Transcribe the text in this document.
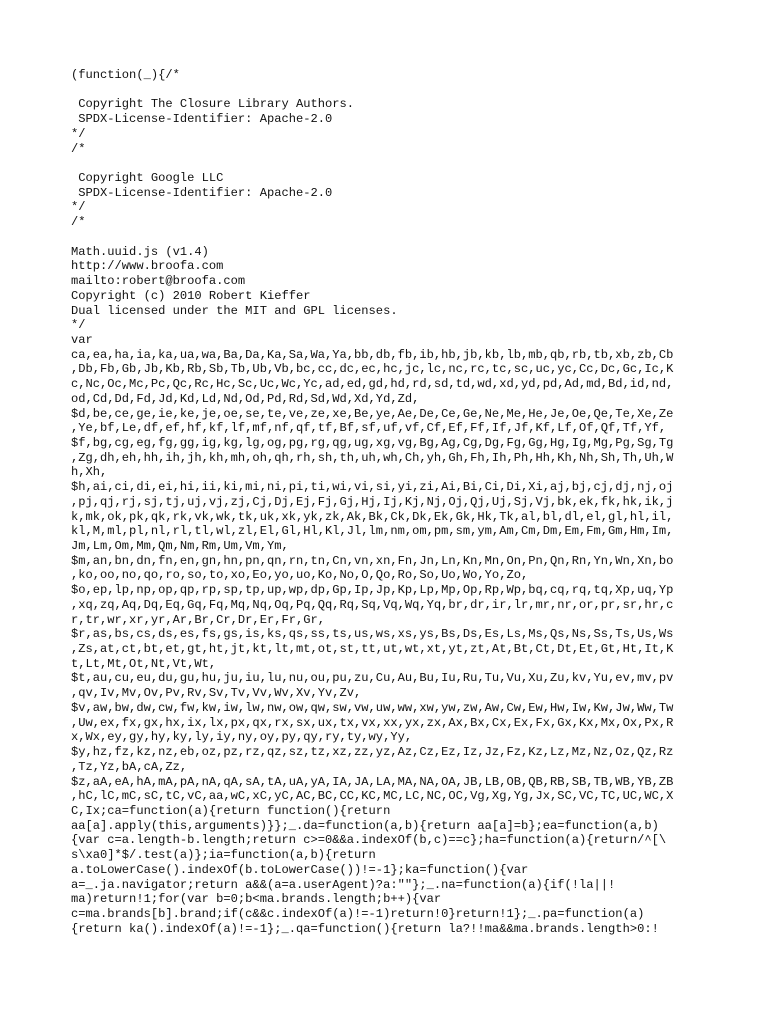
(function(_){/*

Copyright The Closure Library Authors.
SPDX-License-Identifier: Apache-2.0
*/
/*

Copyright Google LLC
SPDX-License-Identifier: Apache-2.0
*/
/*

Math.uuid.js (v1.4)
http://www.broofa.com
mailto:robert@broofa.com
Copyright (c) 2010 Robert Kieffer
Dual licensed under the MIT and GPL licenses.
*/
var
ca,ea,ha,ia,ka,ua,wa,Ba,Da,Ka,Sa,Wa,Ya,bb,db,fb,ib,hb,jb,kb,lb,mb,qb,rb,tb,xb,zb,Cb
,Db,Fb,Gb,Jb,Kb,Rb,Sb,Tb,Ub,Vb,bc,cc,dc,ec,hc,jc,lc,nc,rc,tc,sc,uc,yc,Cc,Dc,Gc,Ic,K
c,Nc,Oc,Mc,Pc,Qc,Rc,Hc,Sc,Uc,Wc,Yc,ad,ed,gd,hd,rd,sd,td,wd,xd,yd,pd,Ad,md,Bd,id,nd,
od,Cd,Dd,Fd,Jd,Kd,Ld,Nd,Od,Pd,Rd,Sd,Wd,Xd,Yd,Zd,
$d,be,ce,ge,ie,ke,je,oe,se,te,ve,ze,xe,Be,ye,Ae,De,Ce,Ge,Ne,Me,He,Je,Oe,Qe,Te,Xe,Ze
,Ye,bf,Le,df,ef,hf,kf,lf,mf,nf,qf,tf,Bf,sf,uf,vf,Cf,Ef,Ff,If,Jf,Kf,Lf,Of,Qf,Tf,Yf,
$f,bg,cg,eg,fg,gg,ig,kg,lg,og,pg,rg,qg,ug,xg,vg,Bg,Ag,Cg,Dg,Fg,Gg,Hg,Ig,Mg,Pg,Sg,Tg
,Zg,dh,eh,hh,ih,jh,kh,mh,oh,qh,rh,sh,th,uh,wh,Ch,yh,Gh,Fh,Ih,Ph,Hh,Kh,Nh,Sh,Th,Uh,W
h,Xh,
$h,ai,ci,di,ei,hi,ii,ki,mi,ni,pi,ti,wi,vi,si,yi,zi,Ai,Bi,Ci,Di,Xi,aj,bj,cj,dj,nj,oj
,pj,qj,rj,sj,tj,uj,vj,zj,Cj,Dj,Ej,Fj,Gj,Hj,Ij,Kj,Nj,Oj,Qj,Uj,Sj,Vj,bk,ek,fk,hk,ik,j
k,mk,ok,pk,qk,rk,vk,wk,tk,uk,xk,yk,zk,Ak,Bk,Ck,Dk,Ek,Gk,Hk,Tk,al,bl,dl,el,gl,hl,il,
kl,M,ml,pl,nl,rl,tl,wl,zl,El,Gl,Hl,Kl,Jl,lm,nm,om,pm,sm,ym,Am,Cm,Dm,Em,Fm,Gm,Hm,Im,
Jm,Lm,Om,Mm,Qm,Nm,Rm,Um,Vm,Ym,
$m,an,bn,dn,fn,en,gn,hn,pn,qn,rn,tn,Cn,vn,xn,Fn,Jn,Ln,Kn,Mn,On,Pn,Qn,Rn,Yn,Wn,Xn,bo
,ko,oo,no,qo,ro,so,to,xo,Eo,yo,uo,Ko,No,O,Qo,Ro,So,Uo,Wo,Yo,Zo,
$o,ep,lp,np,op,qp,rp,sp,tp,up,wp,dp,Gp,Ip,Jp,Kp,Lp,Mp,Op,Rp,Wp,bq,cq,rq,tq,Xp,uq,Yp
,xq,zq,Aq,Dq,Eq,Gq,Fq,Mq,Nq,Oq,Pq,Qq,Rq,Sq,Vq,Wq,Yq,br,dr,ir,lr,mr,nr,or,pr,sr,hr,c
r,tr,wr,xr,yr,Ar,Br,Cr,Dr,Er,Fr,Gr,
$r,as,bs,cs,ds,es,fs,gs,is,ks,qs,ss,ts,us,ws,xs,ys,Bs,Ds,Es,Ls,Ms,Qs,Ns,Ss,Ts,Us,Ws
,Zs,at,ct,bt,et,gt,ht,jt,kt,lt,mt,ot,st,tt,ut,wt,xt,yt,zt,At,Bt,Ct,Dt,Et,Gt,Ht,It,K
t,Lt,Mt,Ot,Nt,Vt,Wt,
$t,au,cu,eu,du,gu,hu,ju,iu,lu,nu,ou,pu,zu,Cu,Au,Bu,Iu,Ru,Tu,Vu,Xu,Zu,kv,Yu,ev,mv,pv
,qv,Iv,Mv,Ov,Pv,Rv,Sv,Tv,Vv,Wv,Xv,Yv,Zv,
$v,aw,bw,dw,cw,fw,kw,iw,lw,nw,ow,qw,sw,vw,uw,ww,xw,yw,zw,Aw,Cw,Ew,Hw,Iw,Kw,Jw,Ww,Tw
,Uw,ex,fx,gx,hx,ix,lx,px,qx,rx,sx,ux,tx,vx,xx,yx,zx,Ax,Bx,Cx,Ex,Fx,Gx,Kx,Mx,Ox,Px,R
x,Wx,ey,gy,hy,ky,ly,iy,ny,oy,py,qy,ry,ty,wy,Yy,
$y,hz,fz,kz,nz,eb,oz,pz,rz,qz,sz,tz,xz,zz,yz,Az,Cz,Ez,Iz,Jz,Fz,Kz,Lz,Mz,Nz,Oz,Qz,Rz
,Tz,Yz,bA,cA,Zz,
$z,aA,eA,hA,mA,pA,nA,qA,sA,tA,uA,yA,IA,JA,LA,MA,NA,OA,JB,LB,OB,QB,RB,SB,TB,WB,YB,ZB
,hC,lC,mC,sC,tC,vC,aa,wC,xC,yC,AC,BC,CC,KC,MC,LC,NC,OC,Vg,Xg,Yg,Jx,SC,VC,TC,UC,WC,X
C,Ix;ca=function(a){return function(){return
aa[a].apply(this,arguments)}};_.da=function(a,b){return aa[a]=b};ea=function(a,b)
{var c=a.length-b.length;return c>=0&&a.indexOf(b,c)==c};ha=function(a){return/^[\
s\xa0]*$/.test(a)};ia=function(a,b){return
a.toLowerCase().indexOf(b.toLowerCase())!=-1};ka=function(){var
a=_.ja.navigator;return a&&(a=a.userAgent)?a:""};_.na=function(a){if(!la||!
ma)return!1;for(var b=0;b<ma.brands.length;b++){var
c=ma.brands[b].brand;if(c&&c.indexOf(a)!=-1)return!0}return!1};_.pa=function(a)
{return ka().indexOf(a)!=-1};_.qa=function(){return la?!!ma&&ma.brands.length>0:!
